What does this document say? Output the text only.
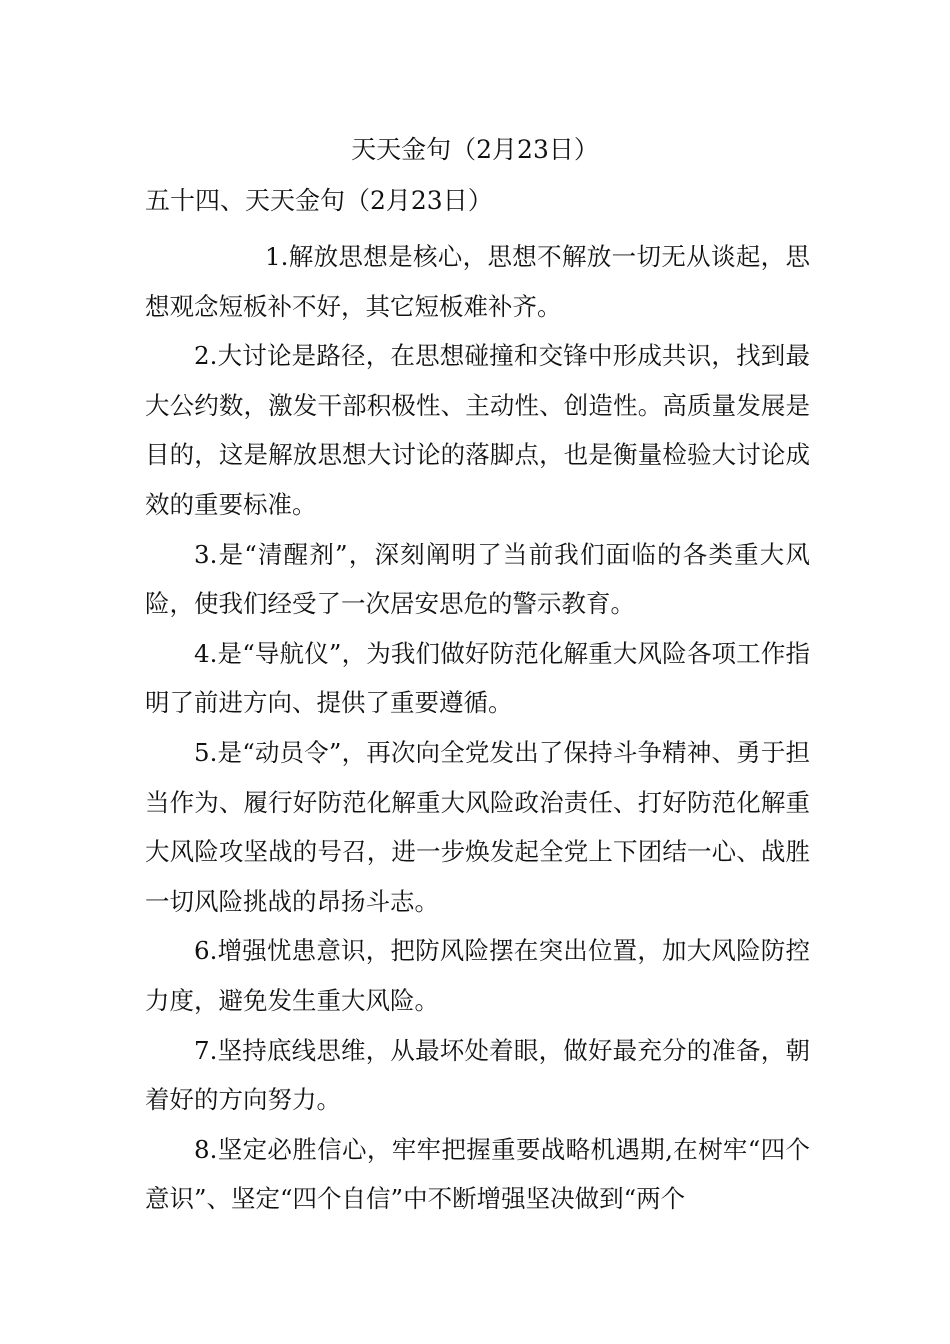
天天金句（2月23日）
五十四、天天金句（2月23日）

1.解放思想是核心，思想不解放一切无从谈起，思想观念短板补不好，其它短板难补齐。

2.大讨论是路径，在思想碰撞和交锋中形成共识，找到最大公约数，激发干部积极性、主动性、创造性。高质量发展是目的，这是解放思想大讨论的落脚点，也是衡量检验大讨论成效的重要标准。

3.是“清醒剂”，深刻阐明了当前我们面临的各类重大风险，使我们经受了一次居安思危的警示教育。

4.是“导航仪”，为我们做好防范化解重大风险各项工作指明了前进方向、提供了重要遵循。

5.是“动员令”，再次向全党发出了保持斗争精神、勇于担当作为、履行好防范化解重大风险政治责任、打好防范化解重大风险攻坚战的号召，进一步焕发起全党上下团结一心、战胜一切风险挑战的昂扬斗志。

6.增强忧患意识，把防风险摆在突出位置，加大风险防控力度，避免发生重大风险。

7.坚持底线思维，从最坏处着眼，做好最充分的准备，朝着好的方向努力。

8.坚定必胜信心，牢牢把握重要战略机遇期,在树牢“四个意识”、坚定“四个自信”中不断增强坚决做到“两个
